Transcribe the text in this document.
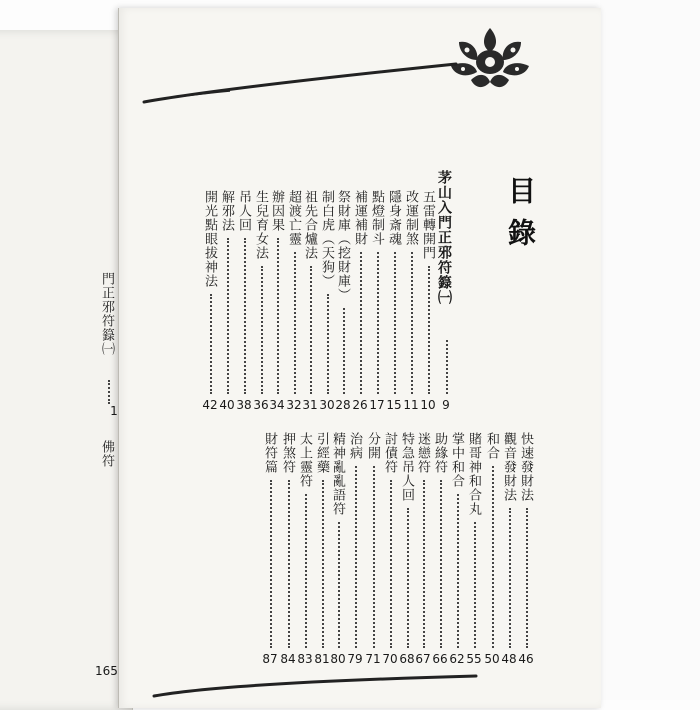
門正邪符籙㈠
1
佛符
165
目錄
茅山入門正邪符籙㈠
9
五雷轉開門
10
改運制煞
11
隱身斎魂
15
點燈制斗
17
補運補財
26
祭財庫（挖財庫）
28
制白虎（天狗）
30
祖先合爐法
31
超渡亡靈
32
辦因果
34
生兒育女法
36
吊人回
38
解邪法
40
開光點眼拔神法
42
快速發財法
46
觀音發財法
48
和合
50
賭哥神和合丸
55
掌中和合
62
助緣符
66
迷戀符
67
特急吊人回
68
討債符
70
分開
71
治病
79
精神亂亂語符
80
引經藥
81
太上靈符
83
押煞符
84
財符篇
87
